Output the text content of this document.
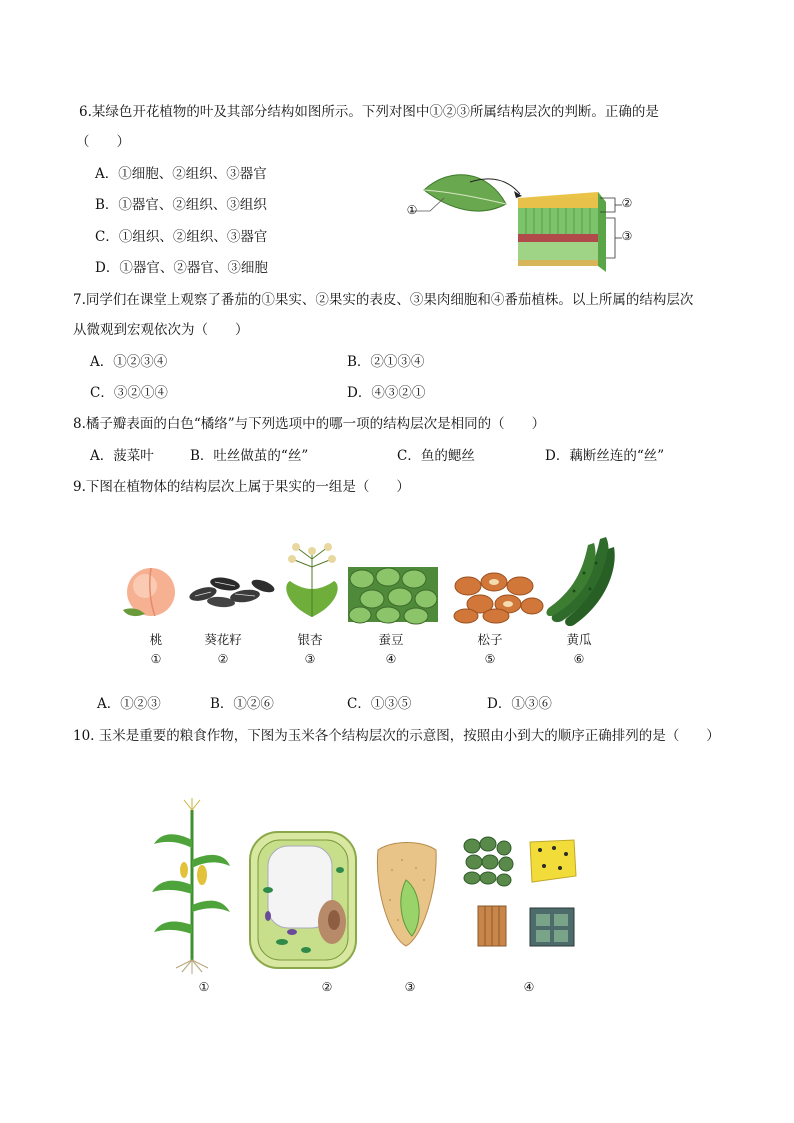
6.某绿色开花植物的叶及其部分结构如图所示。下列对图中①②③所属结构层次的判断。正确的是
（　　）
A．①细胞、②组织、③器官
B．①器官、②组织、③组织
C．①组织、②组织、③器官
D．①器官、②器官、③细胞
①	②
③
7.同学们在课堂上观察了番茄的①果实、②果实的表皮、③果肉细胞和④番茄植株。以上所属的结构层次
从微观到宏观依次为（　　）
A．①②③④	B．②①③④
C．③②①④	D．④③②①
8.橘子瓣表面的白色“橘络”与下列选项中的哪一项的结构层次是相同的（　　）
A．菠菜叶	B．吐丝做茧的“丝”	C．鱼的鳃丝	D．藕断丝连的“丝”
9.下图在植物体的结构层次上属于果实的一组是（　　）
桃	葵花籽	银杏	蚕豆	松子	黄瓜
①	②	③	④	⑤	⑥
A．①②③	B．①②⑥	C．①③⑤	D．①③⑥
10. 玉米是重要的粮食作物，下图为玉米各个结构层次的示意图，按照由小到大的顺序正确排列的是（　　）
①	②	③	④
